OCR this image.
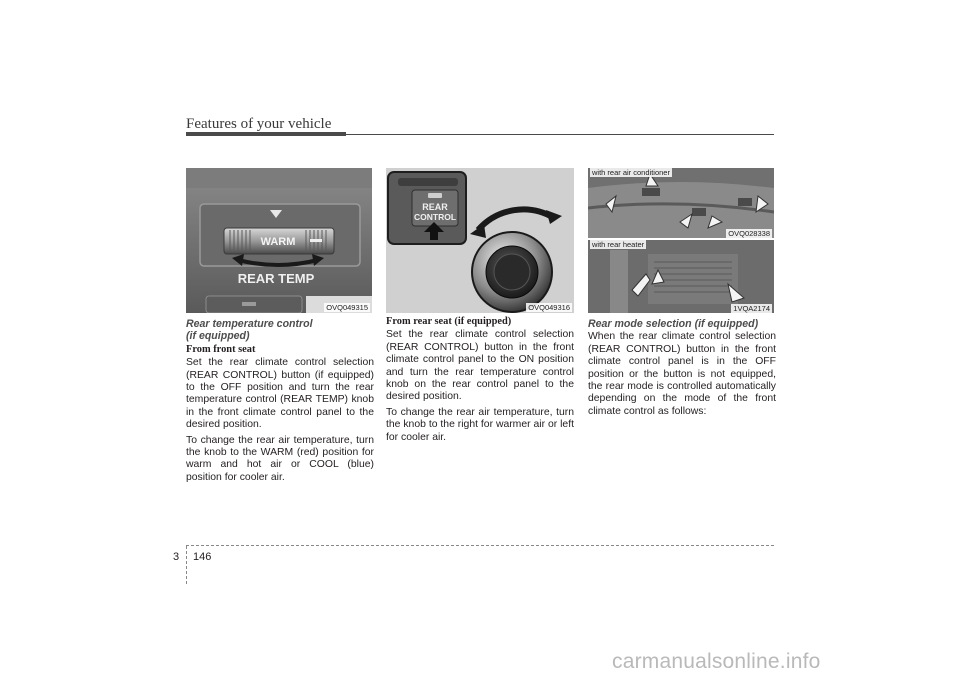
Features of your vehicle
WARM
REAR TEMP
OVQ049315
REAR
CONTROL
OVQ049316
with rear air conditioner
OVQ028338
with rear heater
1VQA2174

Rear temperature control
(if equipped)

From front seat

Set the rear climate control selection (REAR CONTROL) button (if equipped) to the OFF position and turn the rear temperature control (REAR TEMP) knob in the front climate control panel to the desired position.

To change the rear air temperature, turn the knob to the WARM (red) position for warm and hot air or COOL (blue) position for cooler air.

From rear seat (if equipped)

Set the rear climate control selection (REAR CONTROL) button in the front climate control panel to the ON position and turn the rear temperature control knob on the rear control panel to the desired position.

To change the rear air temperature, turn the knob to the right for warmer air or left for cooler air.

Rear mode selection (if equipped)

When the rear climate control selection (REAR CONTROL) button in the front climate control panel is in the OFF position or the button is not equipped, the rear mode is controlled automatically depending on the mode of the front climate control as follows:

3 146
carmanualsonline.info
